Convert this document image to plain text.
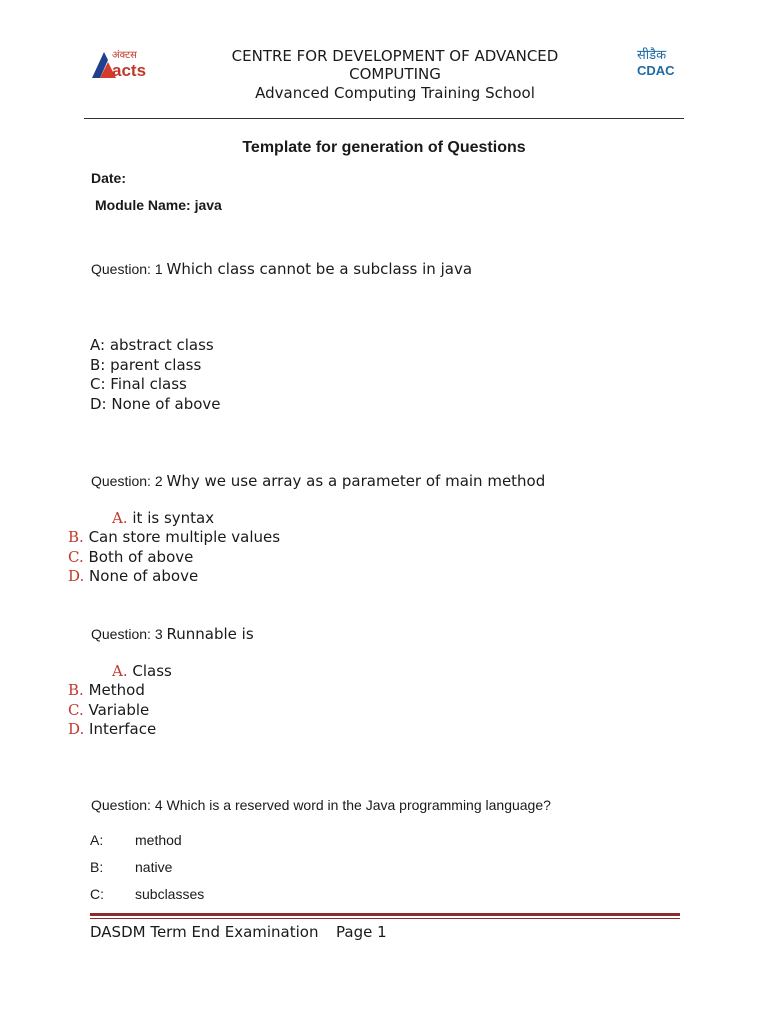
अंक्टस
acts
सीडैक
CDAC
CENTRE FOR DEVELOPMENT OF ADVANCED
COMPUTING
Advanced Computing Training School
Template for generation of Questions
Date:
Module Name: java
Question: 1 Which class cannot be a subclass in java
A: abstract class
B: parent class
C: Final class
D: None of above
Question: 2 Why we use array as a parameter of main method
A. it is syntax
B. Can store multiple values
C. Both of above
D. None of above
Question: 3 Runnable is
A. Class
B. Method
C. Variable
D. Interface
Question: 4 Which is a reserved word in the Java programming language?
A: method
B: native
C: subclasses
DASDM Term End Examination Page 1
